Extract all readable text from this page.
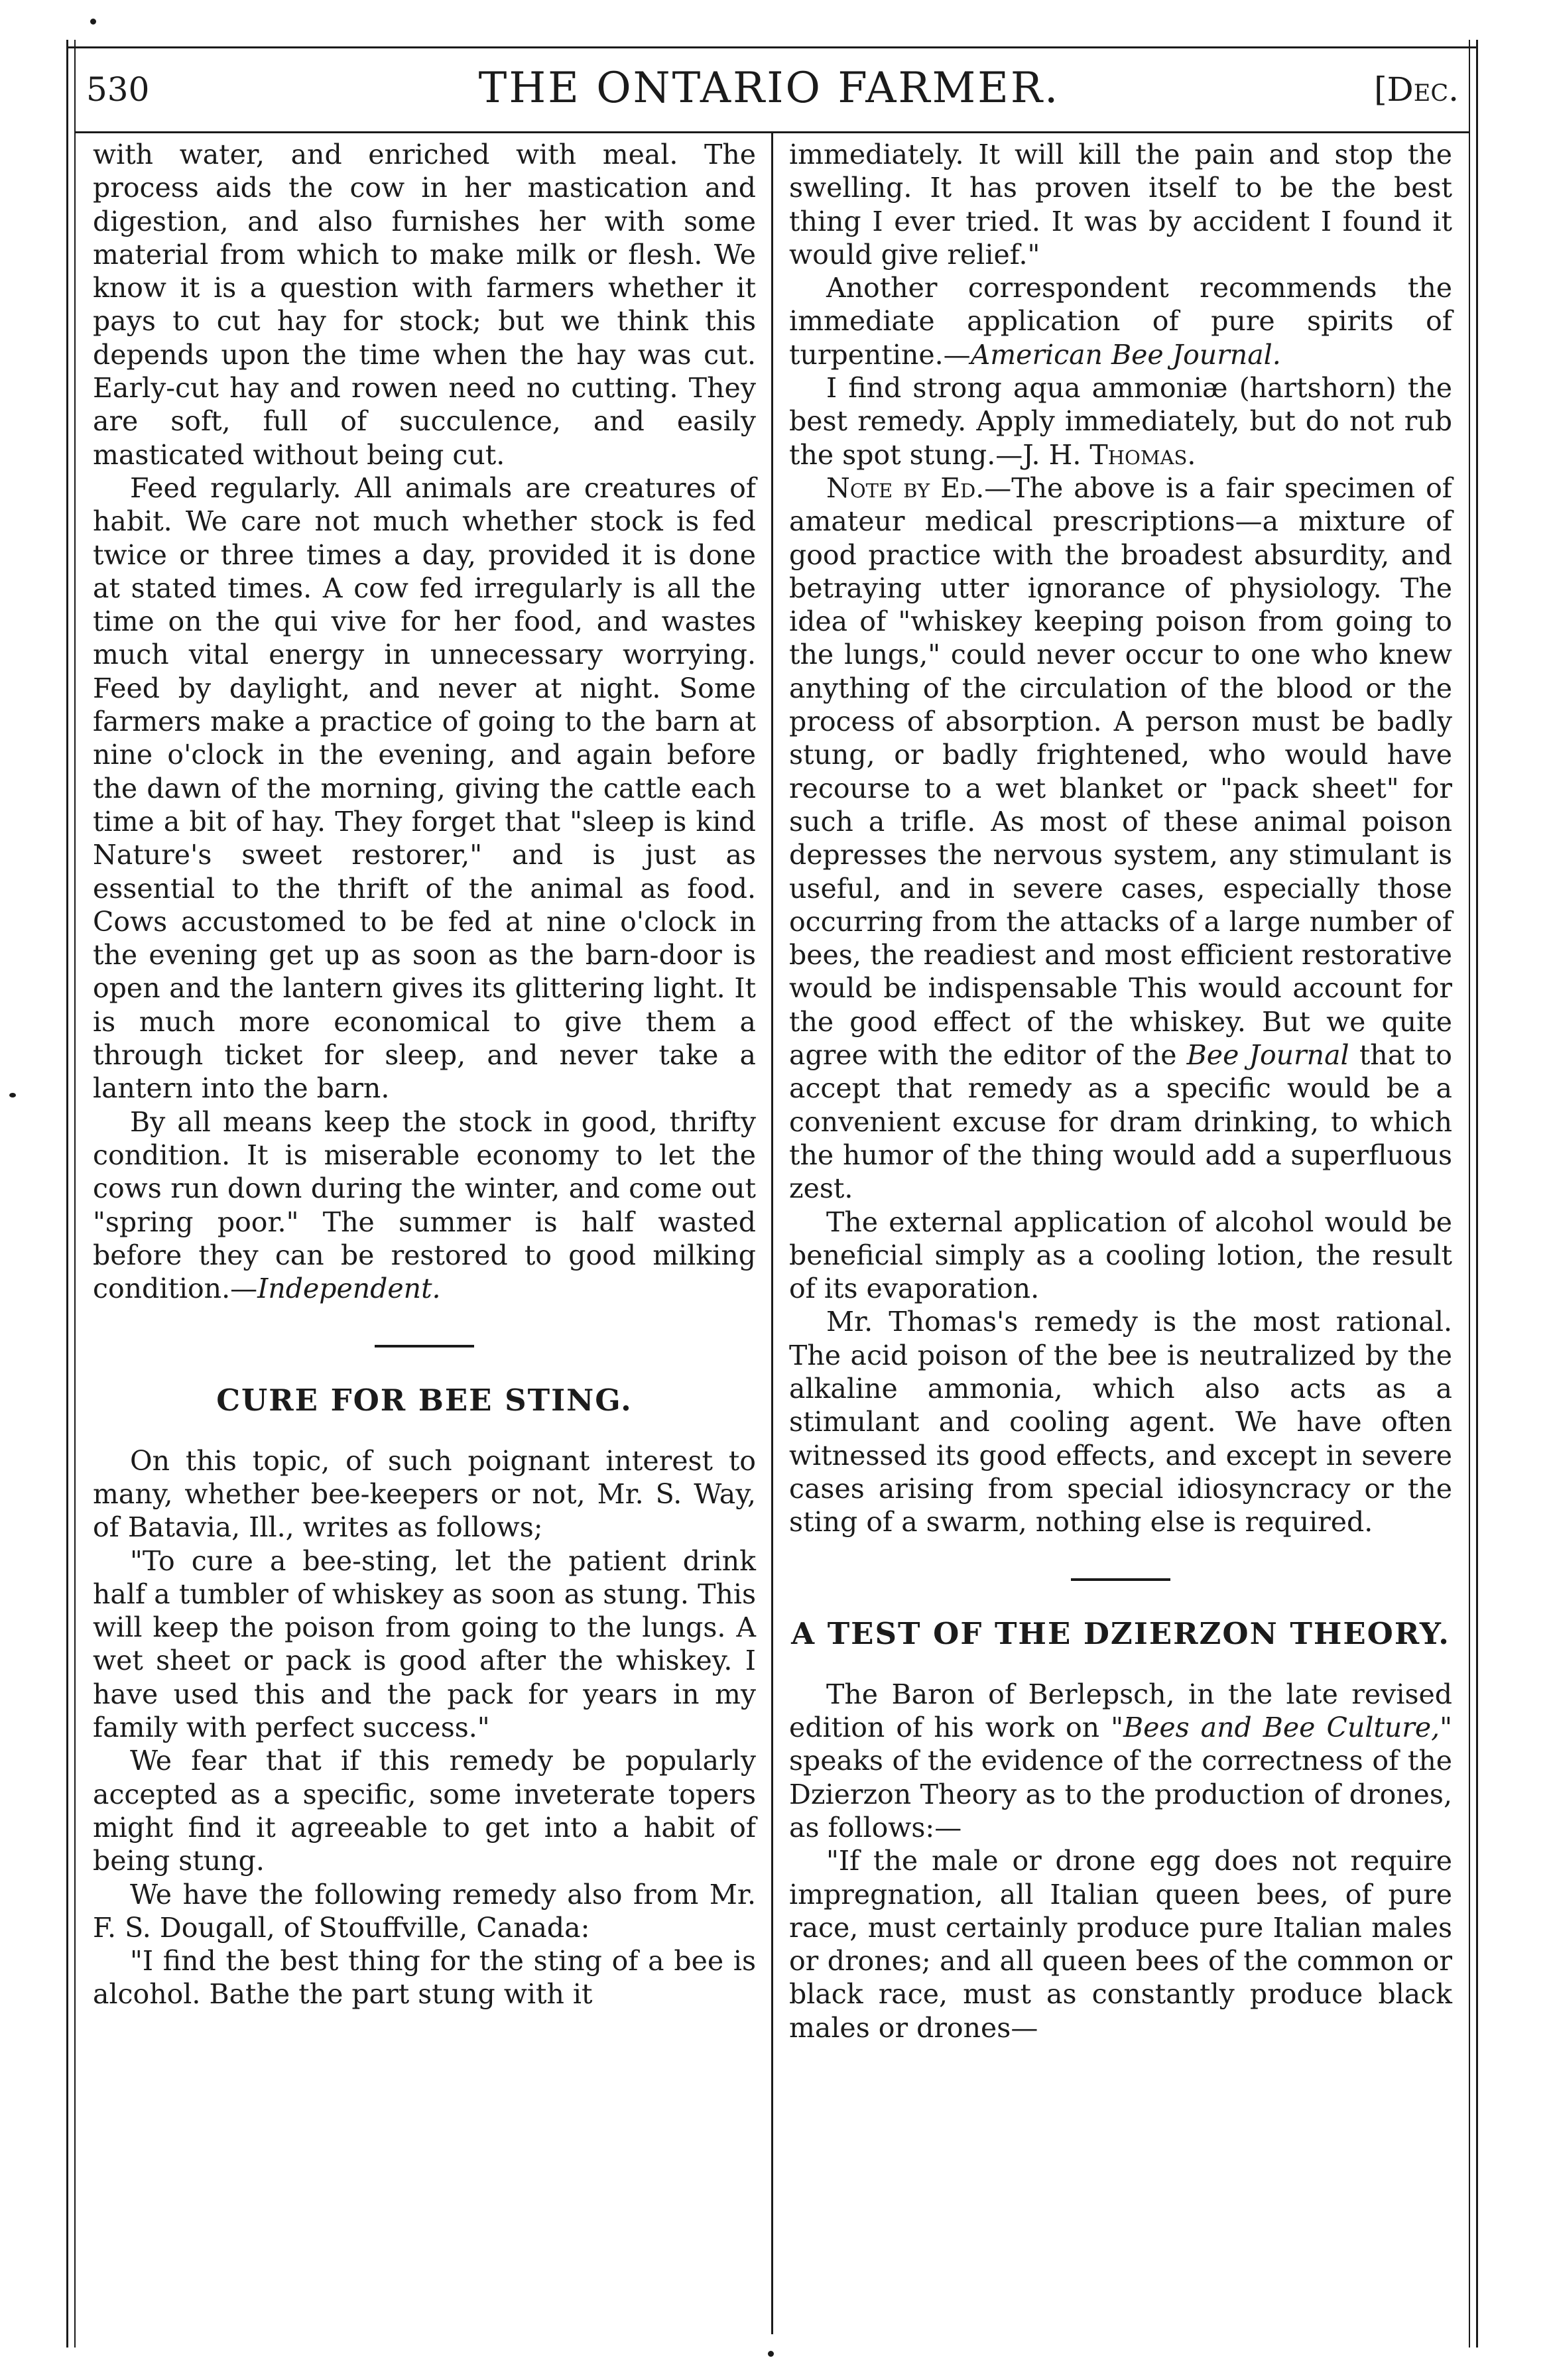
530	THE ONTARIO FARMER.	[Dec.

with water, and enriched with meal. The process aids the cow in her mastication and digestion, and also furnishes her with some material from which to make milk or flesh. We know it is a question with farmers whether it pays to cut hay for stock; but we think this depends upon the time when the hay was cut. Early-cut hay and rowen need no cutting. They are soft, full of succulence, and easily masticated without being cut.

Feed regularly. All animals are creatures of habit. We care not much whether stock is fed twice or three times a day, provided it is done at stated times. A cow fed irregularly is all the time on the qui vive for her food, and wastes much vital energy in unnecessary worrying. Feed by daylight, and never at night. Some farmers make a practice of going to the barn at nine o'clock in the evening, and again before the dawn of the morning, giving the cattle each time a bit of hay. They forget that "sleep is kind Nature's sweet restorer," and is just as essential to the thrift of the animal as food. Cows accustomed to be fed at nine o'clock in the evening get up as soon as the barn-door is open and the lantern gives its glittering light. It is much more economical to give them a through ticket for sleep, and never take a lantern into the barn.

By all means keep the stock in good, thrifty condition. It is miserable economy to let the cows run down during the winter, and come out "spring poor." The summer is half wasted before they can be restored to good milking condition.—Independent.

CURE FOR BEE STING.

On this topic, of such poignant interest to many, whether bee-keepers or not, Mr. S. Way, of Batavia, Ill., writes as follows;

"To cure a bee-sting, let the patient drink half a tumbler of whiskey as soon as stung. This will keep the poison from going to the lungs. A wet sheet or pack is good after the whiskey. I have used this and the pack for years in my family with perfect success."

We fear that if this remedy be popularly accepted as a specific, some inveterate topers might find it agreeable to get into a habit of being stung.

We have the following remedy also from Mr. F. S. Dougall, of Stouffville, Canada:

"I find the best thing for the sting of a bee is alcohol. Bathe the part stung with it

immediately. It will kill the pain and stop the swelling. It has proven itself to be the best thing I ever tried. It was by accident I found it would give relief."

Another correspondent recommends the immediate application of pure spirits of turpentine.—American Bee Journal.

I find strong aqua ammoniæ (hartshorn) the best remedy. Apply immediately, but do not rub the spot stung.—J. H. Thomas.

Note by Ed.—The above is a fair specimen of amateur medical prescriptions—a mixture of good practice with the broadest absurdity, and betraying utter ignorance of physiology. The idea of "whiskey keeping poison from going to the lungs," could never occur to one who knew anything of the circulation of the blood or the process of absorption. A person must be badly stung, or badly frightened, who would have recourse to a wet blanket or "pack sheet" for such a trifle. As most of these animal poison depresses the nervous system, any stimulant is useful, and in severe cases, especially those occurring from the attacks of a large number of bees, the readiest and most efficient restorative would be indispensable This would account for the good effect of the whiskey. But we quite agree with the editor of the Bee Journal that to accept that remedy as a specific would be a convenient excuse for dram drinking, to which the humor of the thing would add a superfluous zest.

The external application of alcohol would be beneficial simply as a cooling lotion, the result of its evaporation.

Mr. Thomas's remedy is the most rational. The acid poison of the bee is neutralized by the alkaline ammonia, which also acts as a stimulant and cooling agent. We have often witnessed its good effects, and except in severe cases arising from special idiosyncracy or the sting of a swarm, nothing else is required.

A TEST OF THE DZIERZON THEORY.

The Baron of Berlepsch, in the late revised edition of his work on "Bees and Bee Culture," speaks of the evidence of the correctness of the Dzierzon Theory as to the production of drones, as follows:—

"If the male or drone egg does not require impregnation, all Italian queen bees, of pure race, must certainly produce pure Italian males or drones; and all queen bees of the common or black race, must as constantly produce black males or drones—
